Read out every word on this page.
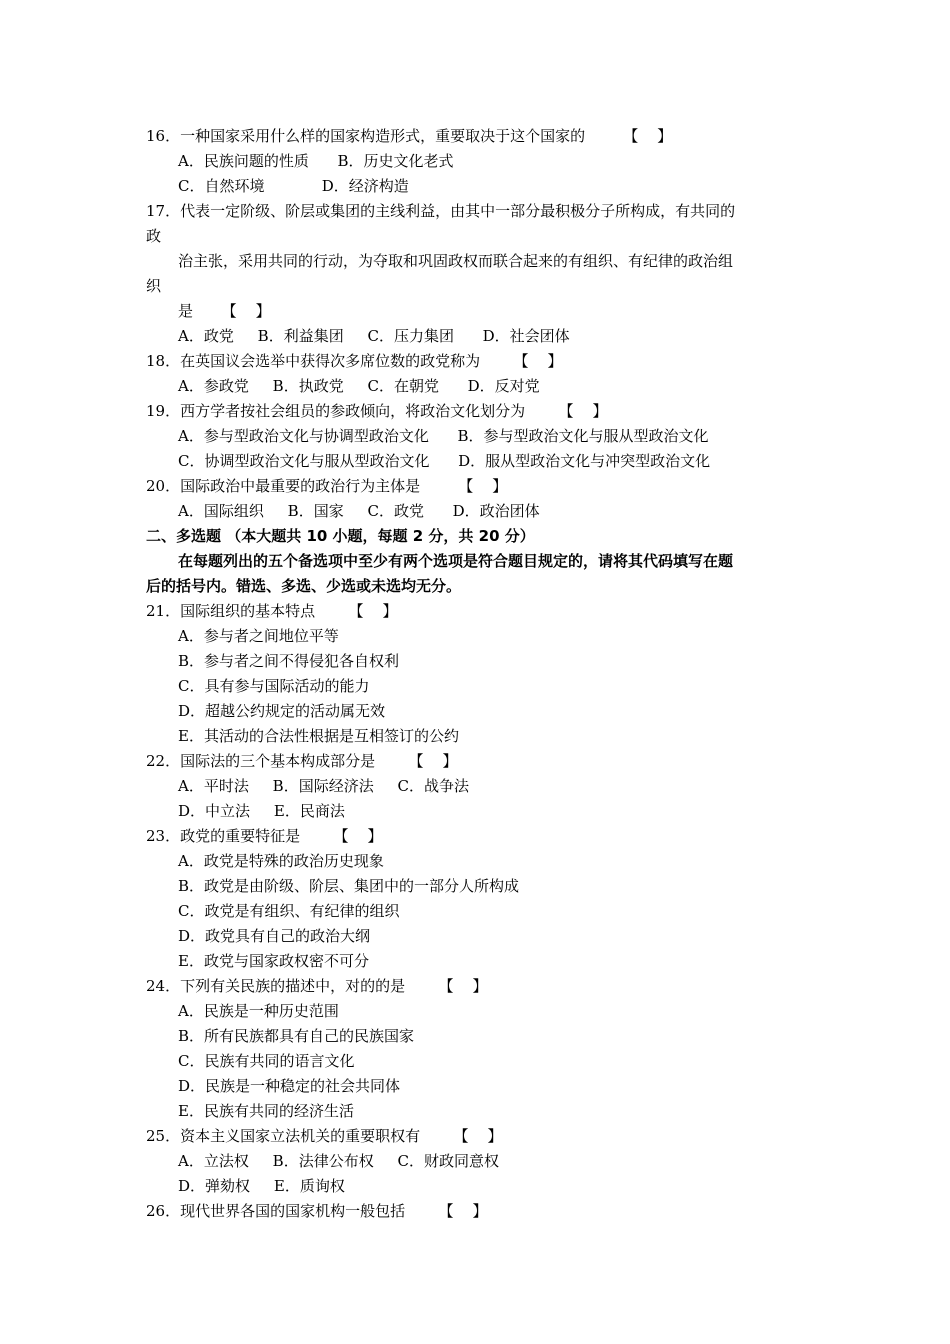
16．一种国家采用什么样的国家构造形式，重要取决于这个国家的        【    】
A．民族问题的性质      B．历史文化老式
C．自然环境            D．经济构造
17．代表一定阶级、阶层或集团的主线利益，由其中一部分最积极分子所构成，有共同的
政
治主张，采用共同的行动，为夺取和巩固政权而联合起来的有组织、有纪律的政治组
织
是      【    】
A．政党     B．利益集团     C．压力集团      D．社会团体
18．在英国议会选举中获得次多席位数的政党称为       【    】
A．参政党     B．执政党     C．在朝党      D．反对党
19．西方学者按社会组员的参政倾向，将政治文化划分为       【    】
A．参与型政治文化与协调型政治文化      B．参与型政治文化与服从型政治文化
C．协调型政治文化与服从型政治文化      D．服从型政治文化与冲突型政治文化
20．国际政治中最重要的政治行为主体是        【    】
A．国际组织     B．国家     C．政党      D．政治团体
二、多选题 （本大题共 10 小题，每题 2 分，共 20 分）
在每题列出的五个备选项中至少有两个选项是符合题目规定的，请将其代码填写在题
后的括号内。错选、多选、少选或未选均无分。
21．国际组织的基本特点       【    】
A．参与者之间地位平等
B．参与者之间不得侵犯各自权利
C．具有参与国际活动的能力
D．超越公约规定的活动属无效
E．其活动的合法性根据是互相签订的公约
22．国际法的三个基本构成部分是       【    】
A．平时法     B．国际经济法     C．战争法
D．中立法     E．民商法
23．政党的重要特征是       【    】
A．政党是特殊的政治历史现象
B．政党是由阶级、阶层、集团中的一部分人所构成
C．政党是有组织、有纪律的组织
D．政党具有自己的政治大纲
E．政党与国家政权密不可分
24．下列有关民族的描述中，对的的是       【    】
A．民族是一种历史范围
B．所有民族都具有自己的民族国家
C．民族有共同的语言文化
D．民族是一种稳定的社会共同体
E．民族有共同的经济生活
25．资本主义国家立法机关的重要职权有       【    】
A．立法权     B．法律公布权     C．财政同意权
D．弹劾权     E．质询权
26．现代世界各国的国家机构一般包括       【    】
